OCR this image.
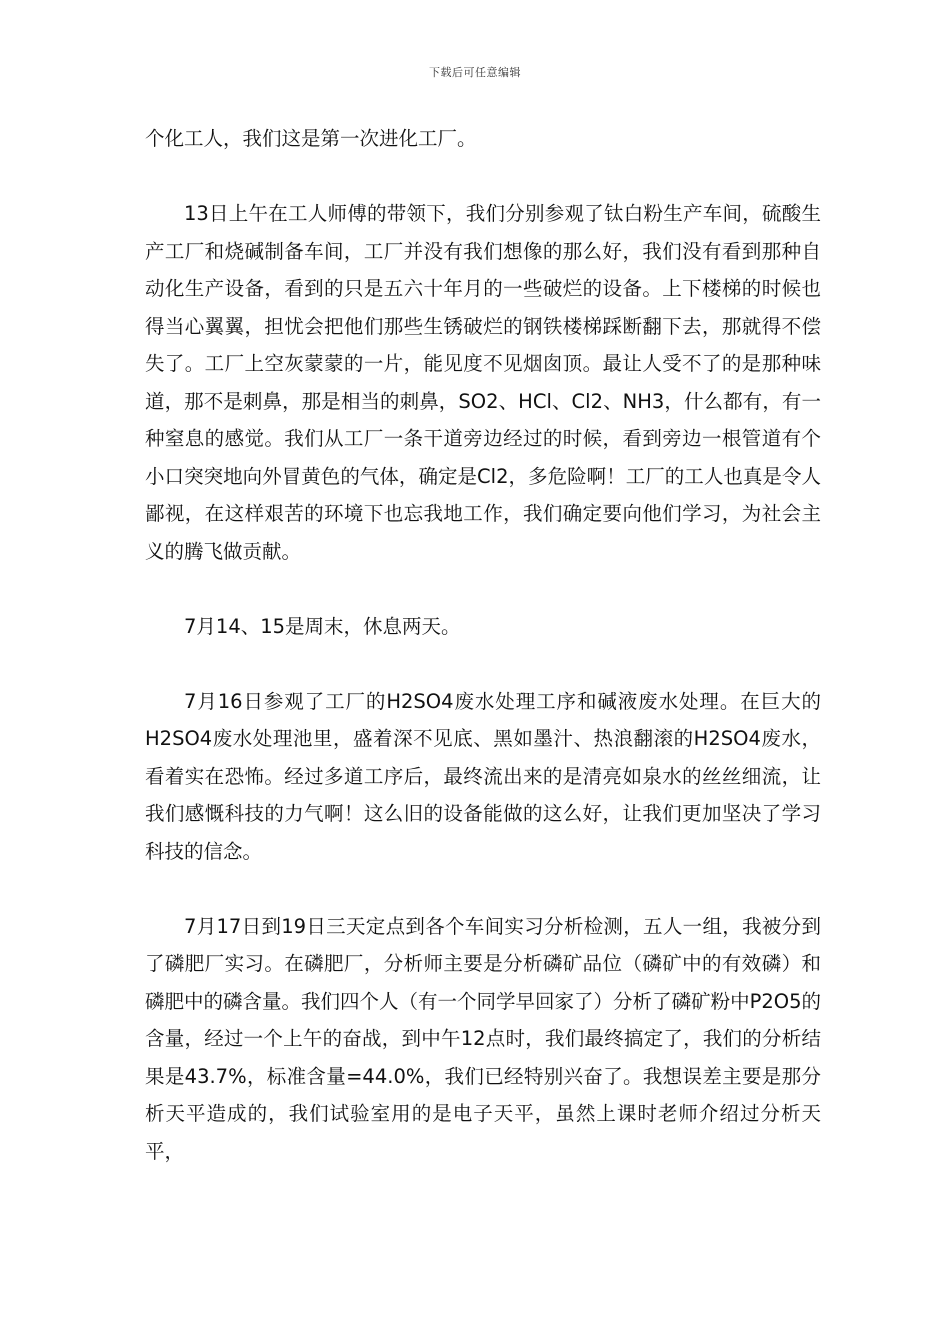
下载后可任意编辑

个化工人，我们这是第一次进化工厂。

13日上午在工人师傅的带领下，我们分别参观了钛白粉生产车间，硫酸生产工厂和烧碱制备车间，工厂并没有我们想像的那么好，我们没有看到那种自动化生产设备，看到的只是五六十年月的一些破烂的设备。上下楼梯的时候也得当心翼翼，担忧会把他们那些生锈破烂的钢铁楼梯踩断翻下去，那就得不偿失了。工厂上空灰蒙蒙的一片，能见度不见烟囱顶。最让人受不了的是那种味道，那不是刺鼻，那是相当的刺鼻，SO2、HCl、Cl2、NH3，什么都有，有一种窒息的感觉。我们从工厂一条干道旁边经过的时候，看到旁边一根管道有个小口突突地向外冒黄色的气体，确定是Cl2，多危险啊！工厂的工人也真是令人鄙视，在这样艰苦的环境下也忘我地工作，我们确定要向他们学习，为社会主义的腾飞做贡献。

7月14、15是周末，休息两天。

7月16日参观了工厂的H2SO4废水处理工序和碱液废水处理。在巨大的H2SO4废水处理池里，盛着深不见底、黑如墨汁、热浪翻滚的H2SO4废水，看着实在恐怖。经过多道工序后，最终流出来的是清亮如泉水的丝丝细流，让我们感慨科技的力气啊！这么旧的设备能做的这么好，让我们更加坚决了学习科技的信念。

7月17日到19日三天定点到各个车间实习分析检测，五人一组，我被分到了磷肥厂实习。在磷肥厂，分析师主要是分析磷矿品位（磷矿中的有效磷）和磷肥中的磷含量。我们四个人（有一个同学早回家了）分析了磷矿粉中P2O5的含量，经过一个上午的奋战，到中午12点时，我们最终搞定了，我们的分析结果是43.7%，标准含量=44.0%，我们已经特别兴奋了。我想误差主要是那分析天平造成的，我们试验室用的是电子天平，虽然上课时老师介绍过分析天平，
